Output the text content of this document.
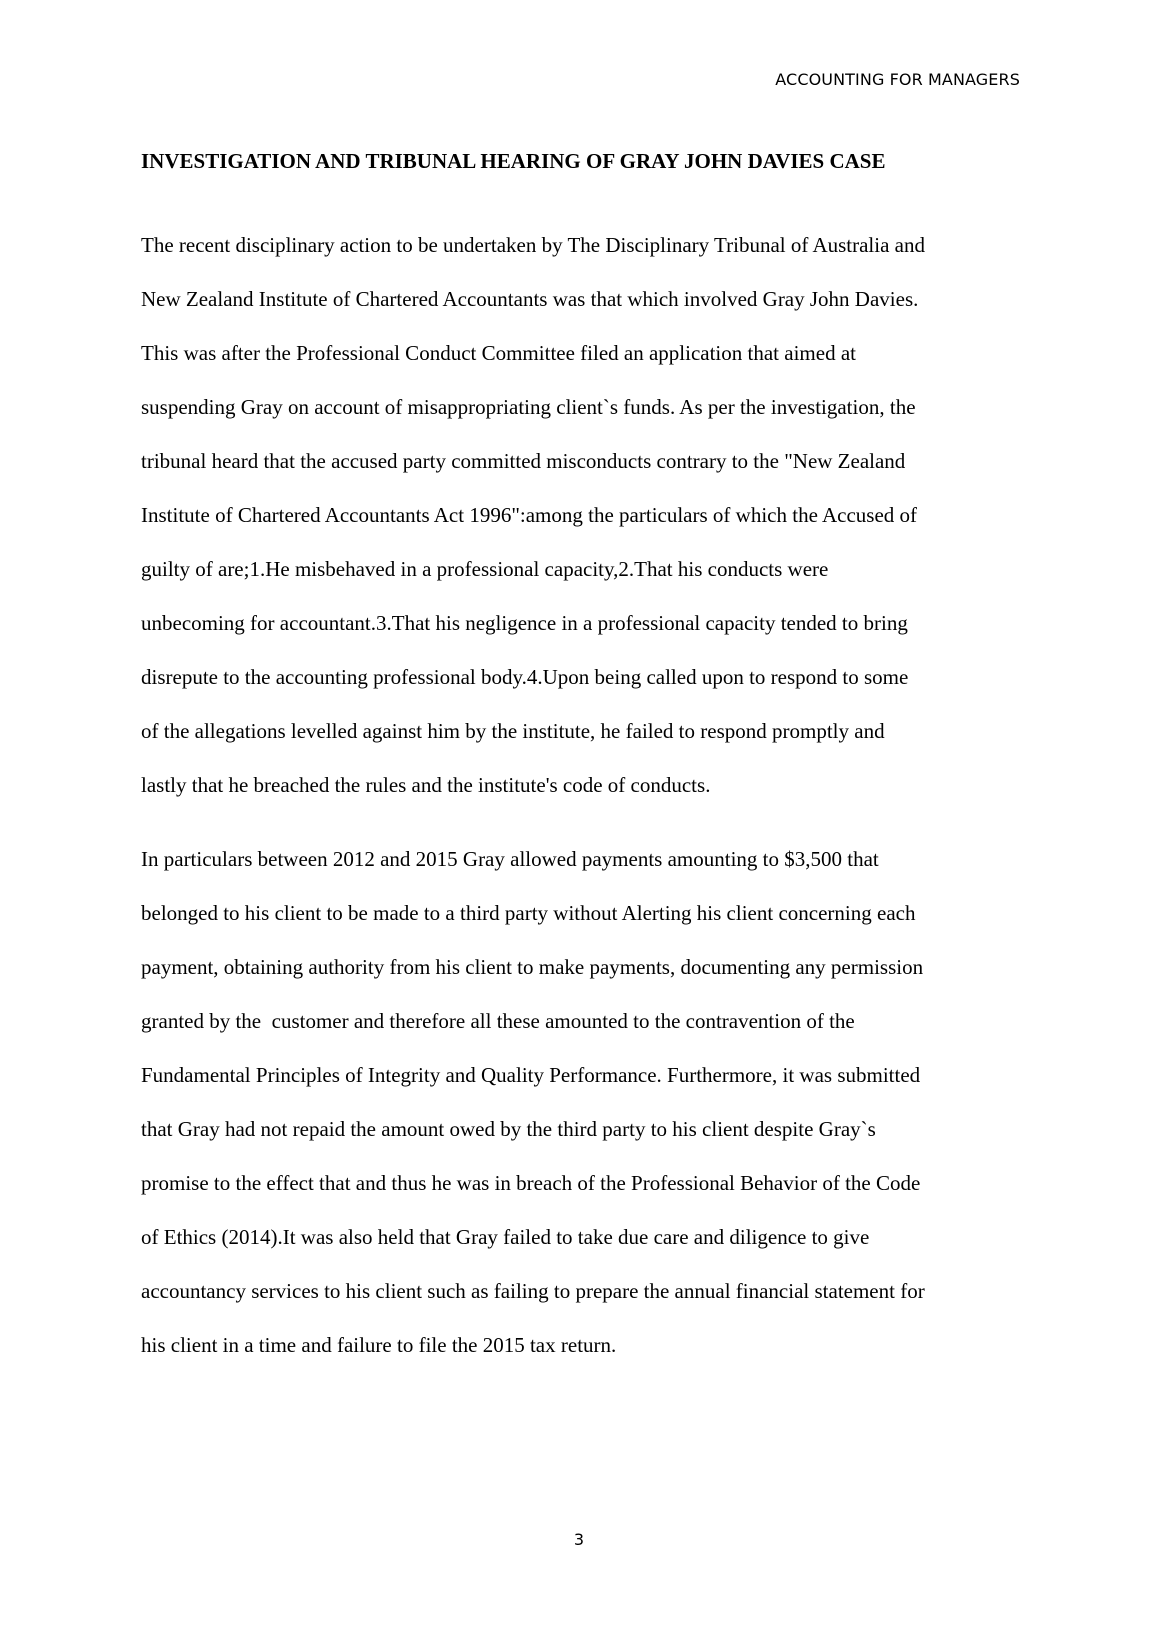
ACCOUNTING FOR MANAGERS
INVESTIGATION AND TRIBUNAL HEARING OF GRAY JOHN DAVIES CASE
The recent disciplinary action to be undertaken by The Disciplinary Tribunal of Australia and
New Zealand Institute of Chartered Accountants was that which involved Gray John Davies.
This was after the Professional Conduct Committee filed an application that aimed at
suspending Gray on account of misappropriating client`s funds. As per the investigation, the
tribunal heard that the accused party committed misconducts contrary to the "New Zealand
Institute of Chartered Accountants Act 1996":among the particulars of which the Accused of
guilty of are;1.He misbehaved in a professional capacity,2.That his conducts were
unbecoming for accountant.3.That his negligence in a professional capacity tended to bring
disrepute to the accounting professional body.4.Upon being called upon to respond to some
of the allegations levelled against him by the institute, he failed to respond promptly and
lastly that he breached the rules and the institute's code of conducts.
In particulars between 2012 and 2015 Gray allowed payments amounting to $3,500 that
belonged to his client to be made to a third party without Alerting his client concerning each
payment, obtaining authority from his client to make payments, documenting any permission
granted by the  customer and therefore all these amounted to the contravention of the
Fundamental Principles of Integrity and Quality Performance. Furthermore, it was submitted
that Gray had not repaid the amount owed by the third party to his client despite Gray`s
promise to the effect that and thus he was in breach of the Professional Behavior of the Code
of Ethics (2014).It was also held that Gray failed to take due care and diligence to give
accountancy services to his client such as failing to prepare the annual financial statement for
his client in a time and failure to file the 2015 tax return.
3
